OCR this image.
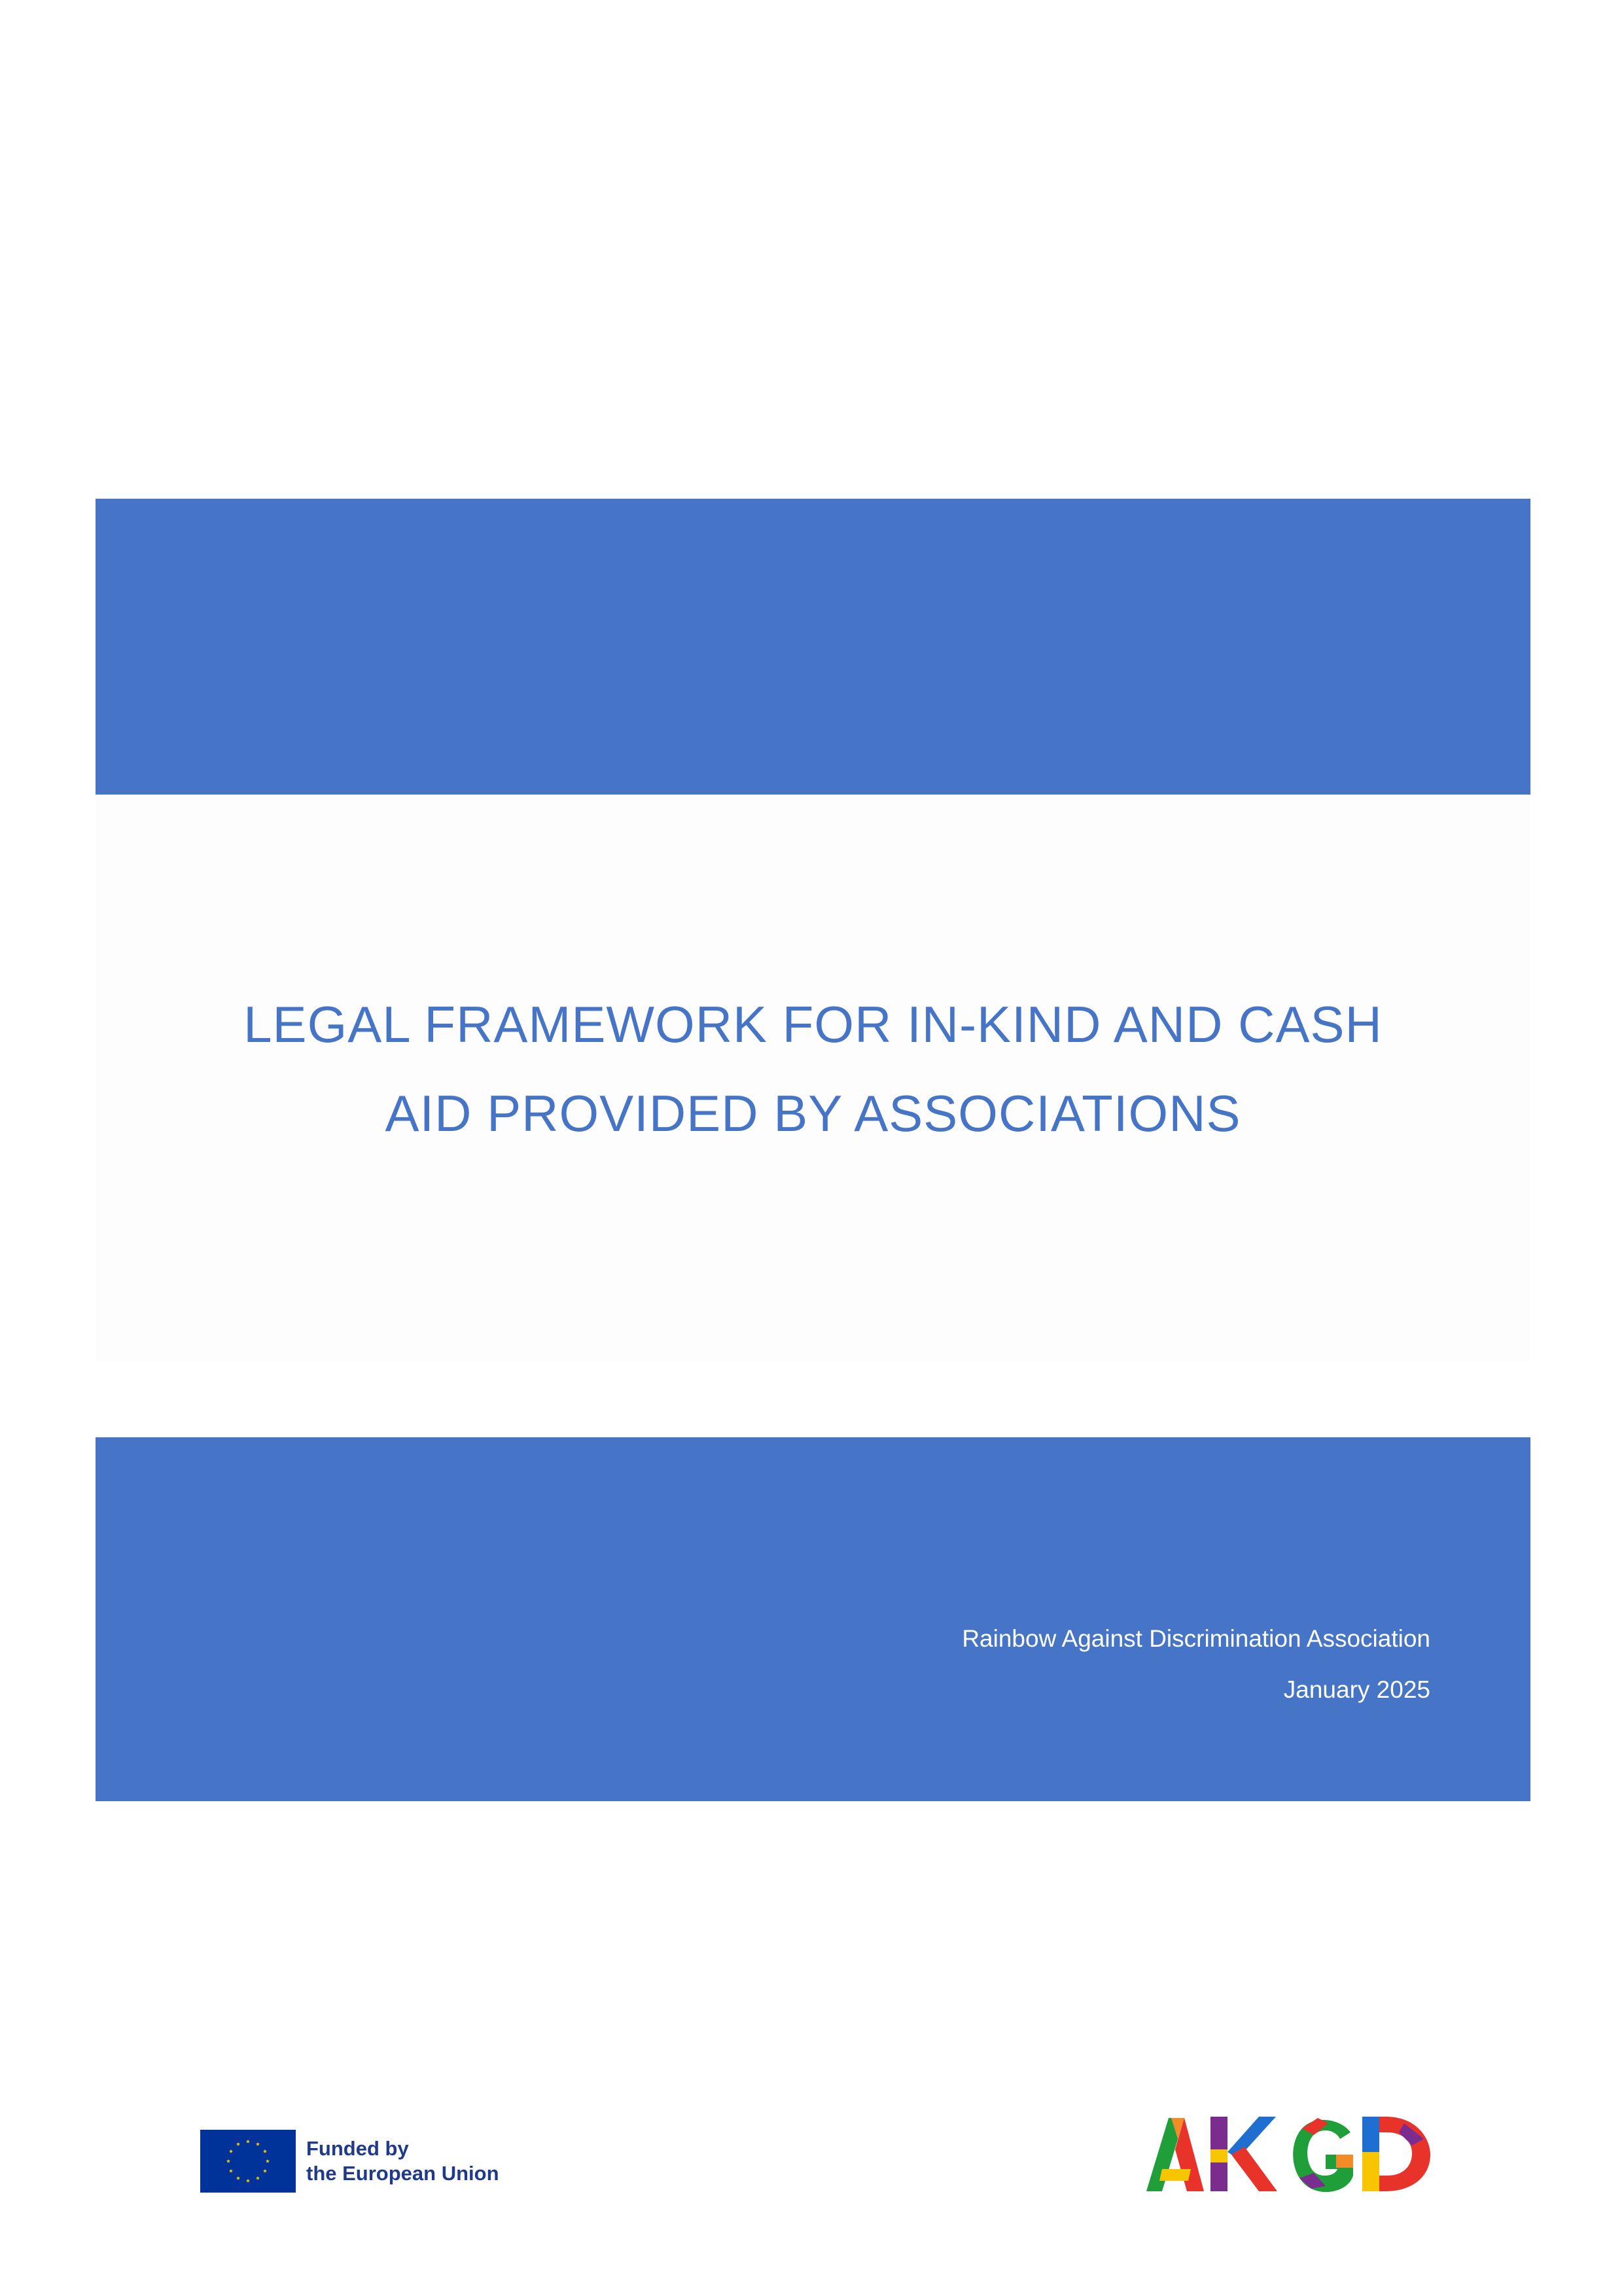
LEGAL FRAMEWORK FOR IN-KIND AND CASH
AID PROVIDED BY ASSOCIATIONS
Rainbow Against Discrimination Association
January 2025
Funded by
the European Union
